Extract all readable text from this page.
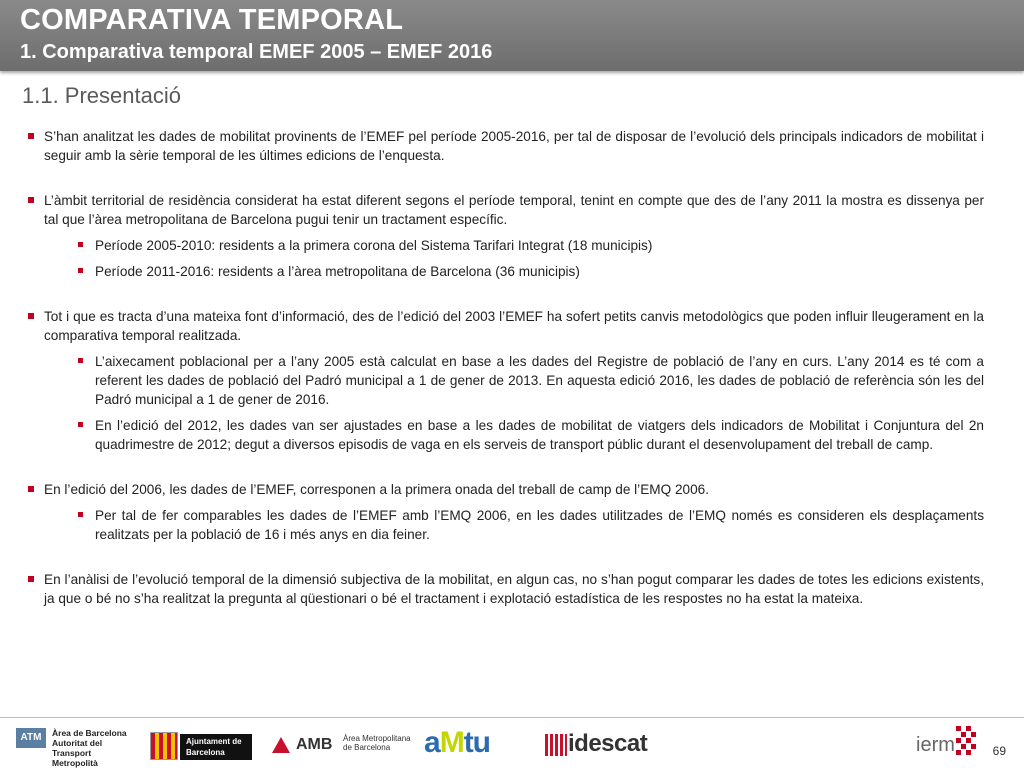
COMPARATIVA TEMPORAL
1. Comparativa temporal EMEF 2005 – EMEF 2016
1.1. Presentació
S’han analitzat les dades de mobilitat provinents de l’EMEF pel període 2005-2016, per tal de disposar de l’evolució dels principals indicadors de mobilitat i seguir amb la sèrie temporal de les últimes edicions de l’enquesta.
L’àmbit territorial de residència considerat ha estat diferent segons el període temporal, tenint en compte que des de l’any 2011 la mostra es dissenya per tal que l’àrea metropolitana de Barcelona pugui tenir un tractament específic.
Període 2005-2010: residents a la primera corona del Sistema Tarifari Integrat (18 municipis)
Període 2011-2016: residents a l’àrea metropolitana de Barcelona (36 municipis)
Tot i que es tracta d’una mateixa font d’informació, des de l’edició del 2003 l’EMEF ha sofert petits canvis metodològics que poden influir lleugerament en la comparativa temporal realitzada.
L’aixecament poblacional per a l’any 2005 està calculat en base a les dades del Registre de població de l’any en curs. L’any 2014 es té com a referent les dades de població del Padró municipal a 1 de gener de 2013. En aquesta edició 2016, les dades de població de referència són les del Padró municipal a 1 de gener de 2016.
En l’edició del 2012, les dades van ser ajustades en base a les dades de mobilitat de viatgers dels indicadors de Mobilitat i Conjuntura del 2n quadrimestre de 2012; degut a diversos episodis de vaga en els serveis de transport públic durant el desenvolupament del treball de camp.
En l’edició del 2006, les dades de l’EMEF, corresponen a la primera onada del treball de camp de l’EMQ 2006.
Per tal de fer comparables les dades de l’EMEF amb l’EMQ 2006, en les dades utilitzades de l’EMQ només es consideren els desplaçaments realitzats per la població de 16 i més anys en dia feiner.
En l’anàlisi de l’evolució temporal de la dimensió subjectiva de la mobilitat, en algun cas, no s’han pogut comparar les dades de totes les edicions existents, ja que o bé no s’ha realitzat la pregunta al qüestionari o bé el tractament i explotació estadística de les respostes no ha estat la mateixa.
ATM	Àrea de Barcelona
Autoritat del Transport
Metropolità
Ajuntament de
Barcelona	AMB Àrea Metropolitana
de Barcelona	aMtu	idescat	ierm	69
